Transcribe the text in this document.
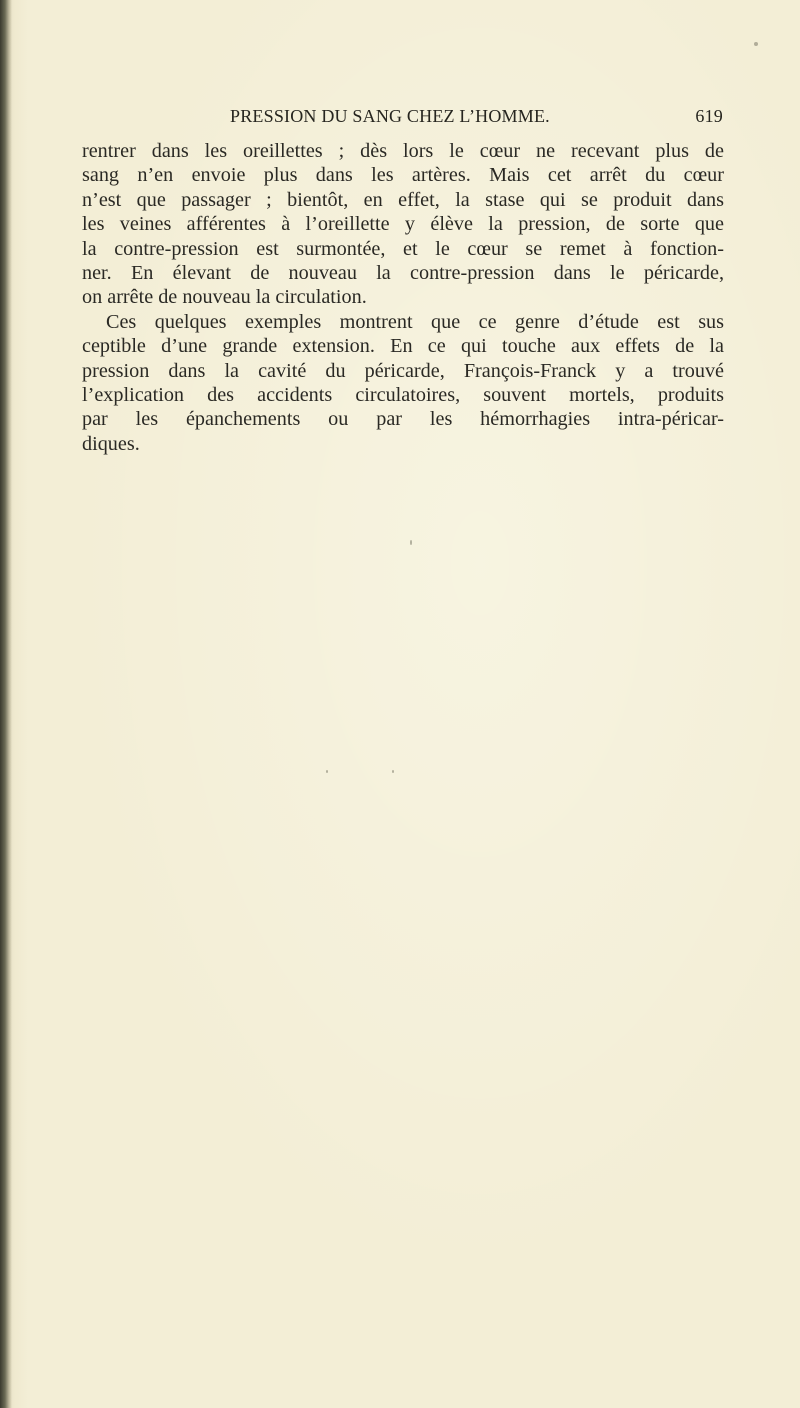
PRESSION DU SANG CHEZ L’HOMME.	619
rentrer dans les oreillettes ; dès lors le cœur ne recevant plus de
sang n’en envoie plus dans les artères. Mais cet arrêt du cœur
n’est que passager ; bientôt, en effet, la stase qui se produit dans
les veines afférentes à l’oreillette y élève la pression, de sorte que
la contre-pression est surmontée, et le cœur se remet à fonction-
ner. En élevant de nouveau la contre-pression dans le péricarde,
on arrête de nouveau la circulation.
Ces quelques exemples montrent que ce genre d’étude est sus
ceptible d’une grande extension. En ce qui touche aux effets de la
pression dans la cavité du péricarde, François-Franck y a trouvé
l’explication des accidents circulatoires, souvent mortels, produits
par les épanchements ou par les hémorrhagies intra-péricar-
diques.
